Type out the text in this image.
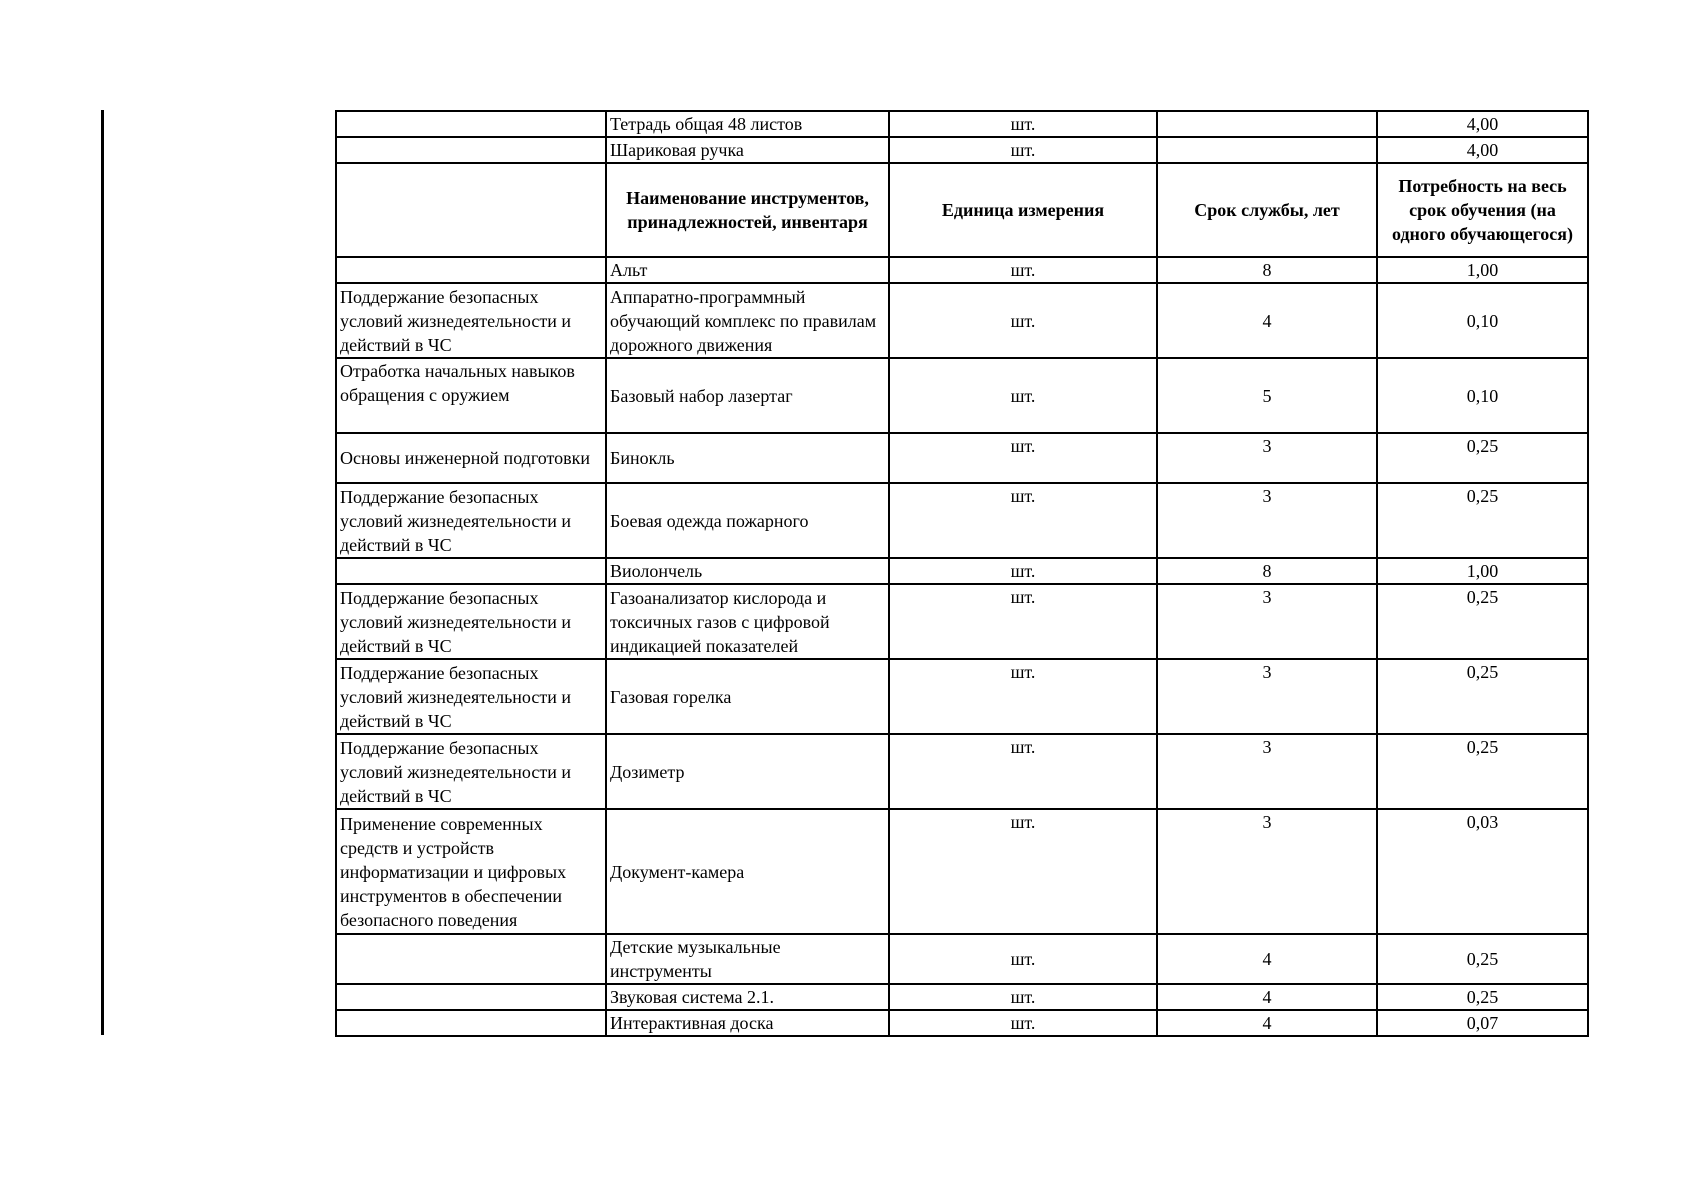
	Тетрадь общая 48 листов	шт.		4,00
	Шариковая ручка	шт.		4,00
	Наименование инструментов, принадлежностей, инвентаря	Единица измерения	Срок службы, лет	Потребность на весь срок обучения (на одного обучающегося)
	Альт	шт.	8	1,00
Поддержание безопасных условий жизнедеятельности и действий в ЧС	Аппаратно-программный обучающий комплекс по правилам дорожного движения	шт.	4	0,10
Отработка начальных навыков обращения с оружием	Базовый набор лазертаг	шт.	5	0,10
Основы инженерной подготовки	Бинокль	шт.	3	0,25
Поддержание безопасных условий жизнедеятельности и действий в ЧС	Боевая одежда пожарного	шт.	3	0,25
	Виолончель	шт.	8	1,00
Поддержание безопасных условий жизнедеятельности и действий в ЧС	Газоанализатор кислорода и токсичных газов с цифровой индикацией показателей	шт.	3	0,25
Поддержание безопасных условий жизнедеятельности и действий в ЧС	Газовая горелка	шт.	3	0,25
Поддержание безопасных условий жизнедеятельности и действий в ЧС	Дозиметр	шт.	3	0,25
Применение современных средств и устройств информатизации и цифровых инструментов в обеспечении безопасного поведения	Документ-камера	шт.	3	0,03
	Детские музыкальные инструменты	шт.	4	0,25
	Звуковая система 2.1.	шт.	4	0,25
	Интерактивная доска	шт.	4	0,07
